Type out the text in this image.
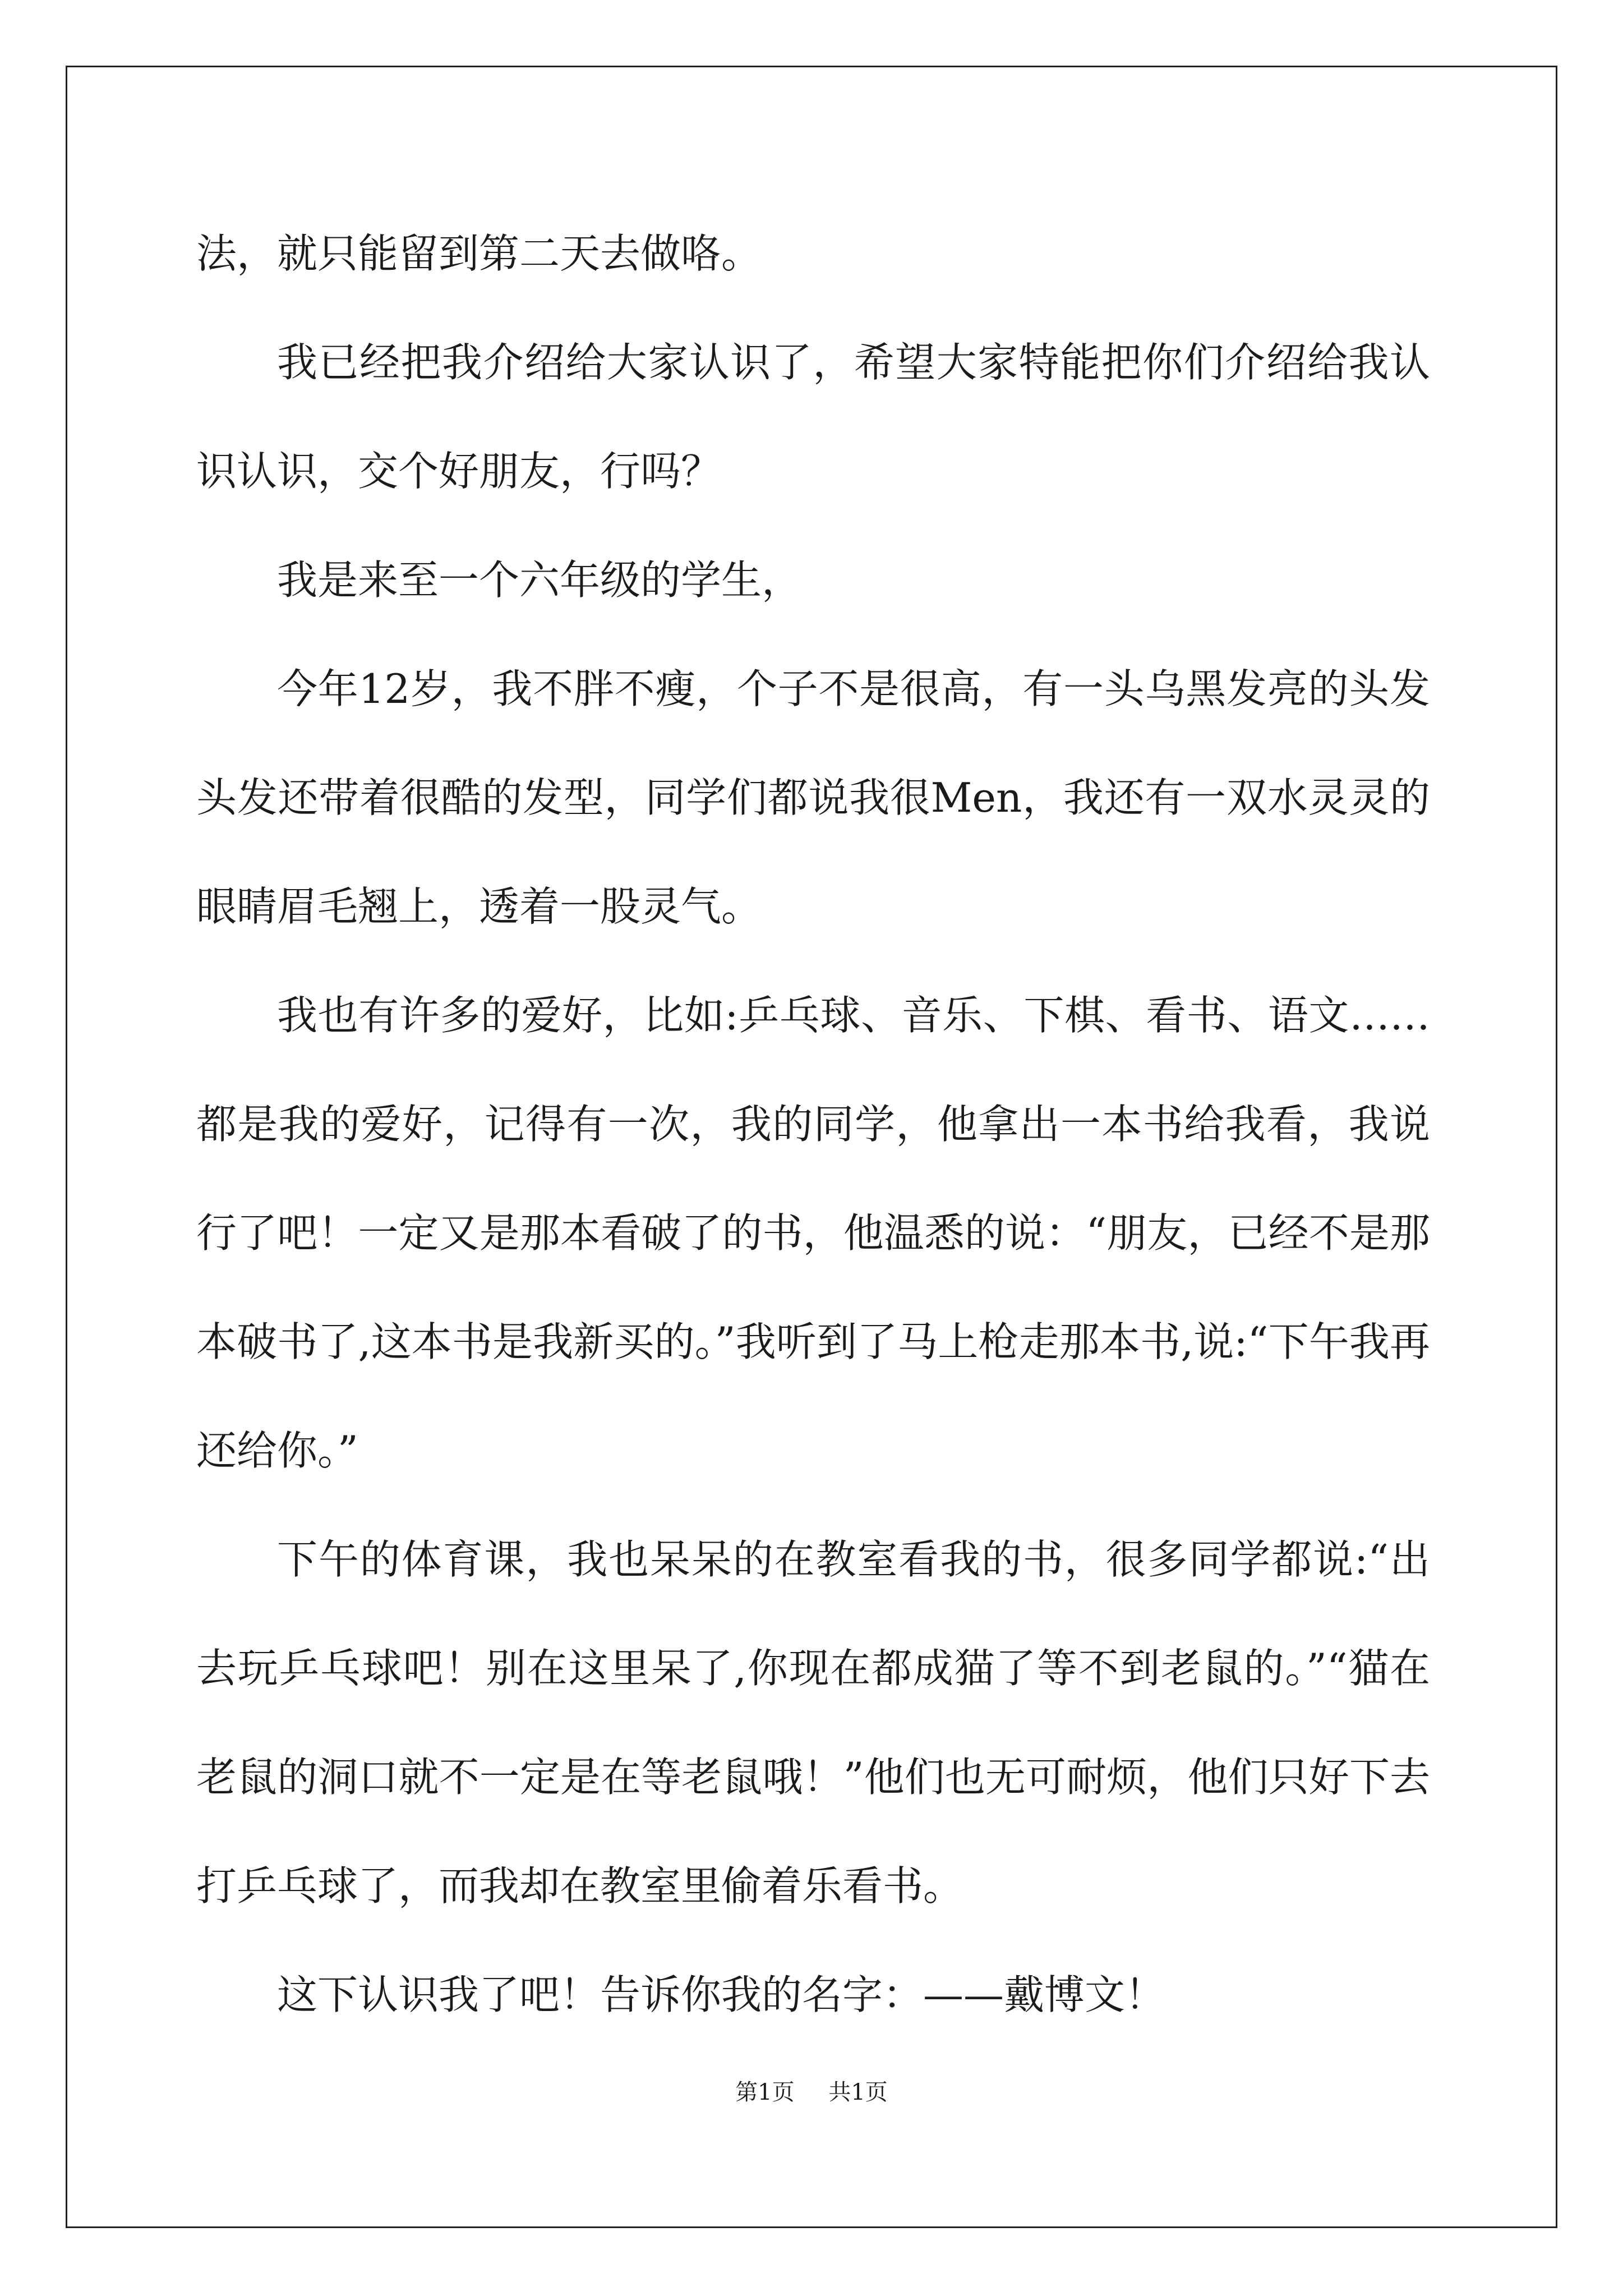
法，就只能留到第二天去做咯。

我已经把我介绍给大家认识了，希望大家特能把你们介绍给我认识认识，交个好朋友，行吗？

我是来至一个六年级的学生，

今年12岁，我不胖不瘦，个子不是很高，有一头乌黑发亮的头发头发还带着很酷的发型，同学们都说我很Men，我还有一双水灵灵的眼睛眉毛翘上，透着一股灵气。

我也有许多的爱好，比如:乒乓球、音乐、下棋、看书、语文……都是我的爱好，记得有一次，我的同学，他拿出一本书给我看，我说行了吧！一定又是那本看破了的书，他温悉的说：“朋友，已经不是那本破书了,这本书是我新买的。”我听到了马上枪走那本书,说:“下午我再还给你。”

下午的体育课，我也呆呆的在教室看我的书，很多同学都说:“出去玩乒乓球吧！别在这里呆了,你现在都成猫了等不到老鼠的。”“猫在老鼠的洞口就不一定是在等老鼠哦！”他们也无可耐烦，他们只好下去打乒乓球了，而我却在教室里偷着乐看书。

这下认识我了吧！告诉你我的名字：——戴博文！

第1页 共1页
